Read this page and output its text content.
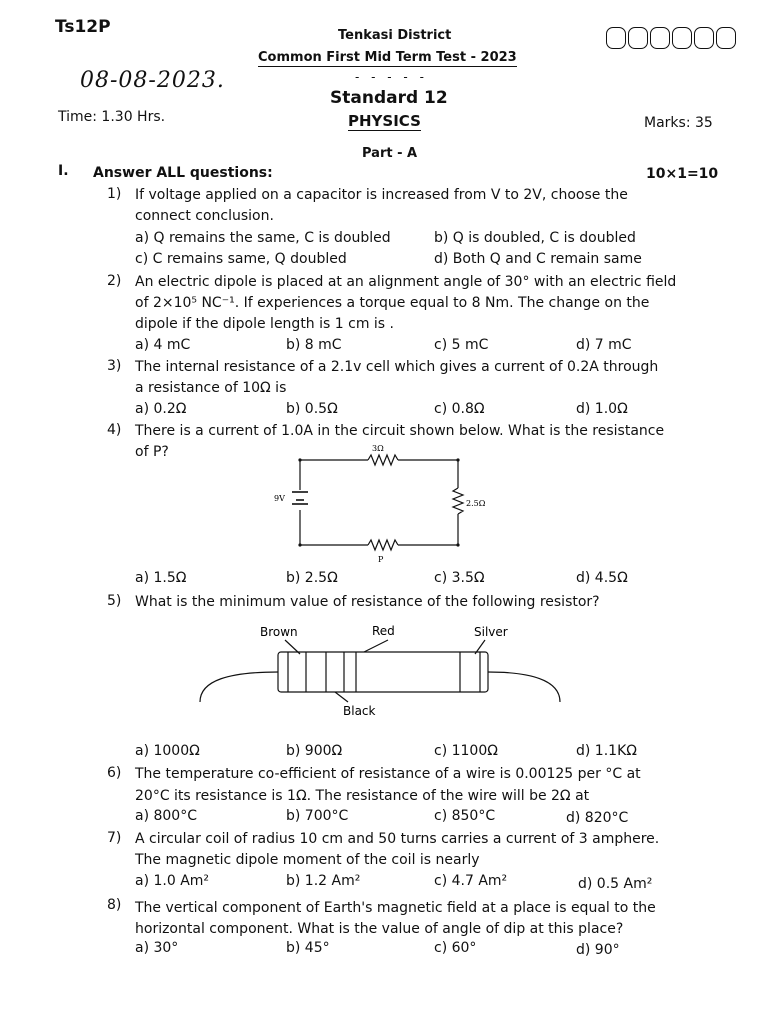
Ts12P	Tenkasi District
Common First Mid Term Test - 2023
08-08-2023.	- - - - -
Standard 12
PHYSICS
Time: 1.30 Hrs.	Marks: 35
Part - A
I. Answer ALL questions:	10×1=10
1) If voltage applied on a capacitor is increased from V to 2V, choose the
connect conclusion.
a) Q remains the same, C is doubled	b) Q is doubled, C is doubled
c) C remains same, Q doubled	d) Both Q and C remain same
2) An electric dipole is placed at an alignment angle of 30° with an electric field
of 2×10⁵ NC⁻¹. If experiences a torque equal to 8 Nm. The change on the
dipole if the dipole length is 1 cm is .
a) 4 mC	b) 8 mC	c) 5 mC	d) 7 mC
3) The internal resistance of a 2.1v cell which gives a current of 0.2A through
a resistance of 10Ω is
a) 0.2Ω	b) 0.5Ω	c) 0.8Ω	d) 1.0Ω
4) There is a current of 1.0A in the circuit shown below. What is the resistance
of P?	3Ω
2.5Ω
9V
P
a) 1.5Ω	b) 2.5Ω	c) 3.5Ω	d) 4.5Ω
5) What is the minimum value of resistance of the following resistor?
Brown	Red	Silver
Black
a) 1000Ω	b) 900Ω	c) 1100Ω	d) 1.1KΩ
6) The temperature co-efficient of resistance of a wire is 0.00125 per °C at
20°C its resistance is 1Ω. The resistance of the wire will be 2Ω at
a) 800°C	b) 700°C	c) 850°C	d) 820°C
7) A circular coil of radius 10 cm and 50 turns carries a current of 3 amphere.
The magnetic dipole moment of the coil is nearly
a) 1.0 Am²	b) 1.2 Am²	c) 4.7 Am²	d) 0.5 Am²
8) The vertical component of Earth's magnetic field at a place is equal to the
horizontal component. What is the value of angle of dip at this place?
a) 30°	b) 45°	c) 60°	d) 90°
